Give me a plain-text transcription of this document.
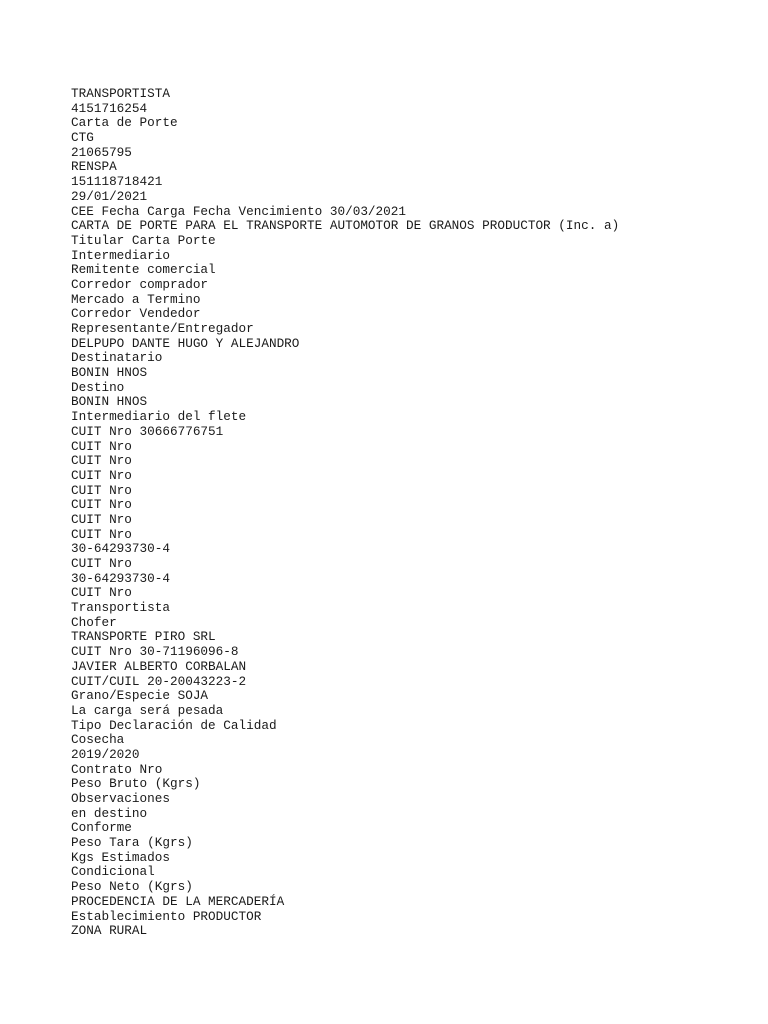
TRANSPORTISTA
4151716254
Carta de Porte
CTG
21065795
RENSPA
151118718421
29/01/2021
CEE Fecha Carga Fecha Vencimiento 30/03/2021
CARTA DE PORTE PARA EL TRANSPORTE AUTOMOTOR DE GRANOS PRODUCTOR (Inc. a)
Titular Carta Porte
Intermediario
Remitente comercial
Corredor comprador
Mercado a Termino
Corredor Vendedor
Representante/Entregador
DELPUPO DANTE HUGO Y ALEJANDRO
Destinatario
BONIN HNOS
Destino
BONIN HNOS
Intermediario del flete
CUIT Nro 30666776751
CUIT Nro
CUIT Nro
CUIT Nro
CUIT Nro
CUIT Nro
CUIT Nro
CUIT Nro
30-64293730-4
CUIT Nro
30-64293730-4
CUIT Nro
Transportista
Chofer
TRANSPORTE PIRO SRL
CUIT Nro 30-71196096-8
JAVIER ALBERTO CORBALAN
CUIT/CUIL 20-20043223-2
Grano/Especie SOJA
La carga será pesada
Tipo Declaración de Calidad
Cosecha
2019/2020
Contrato Nro
Peso Bruto (Kgrs)
Observaciones
en destino
Conforme
Peso Tara (Kgrs)
Kgs Estimados
Condicional
Peso Neto (Kgrs)
PROCEDENCIA DE LA MERCADERÍA
Establecimiento PRODUCTOR
ZONA RURAL
